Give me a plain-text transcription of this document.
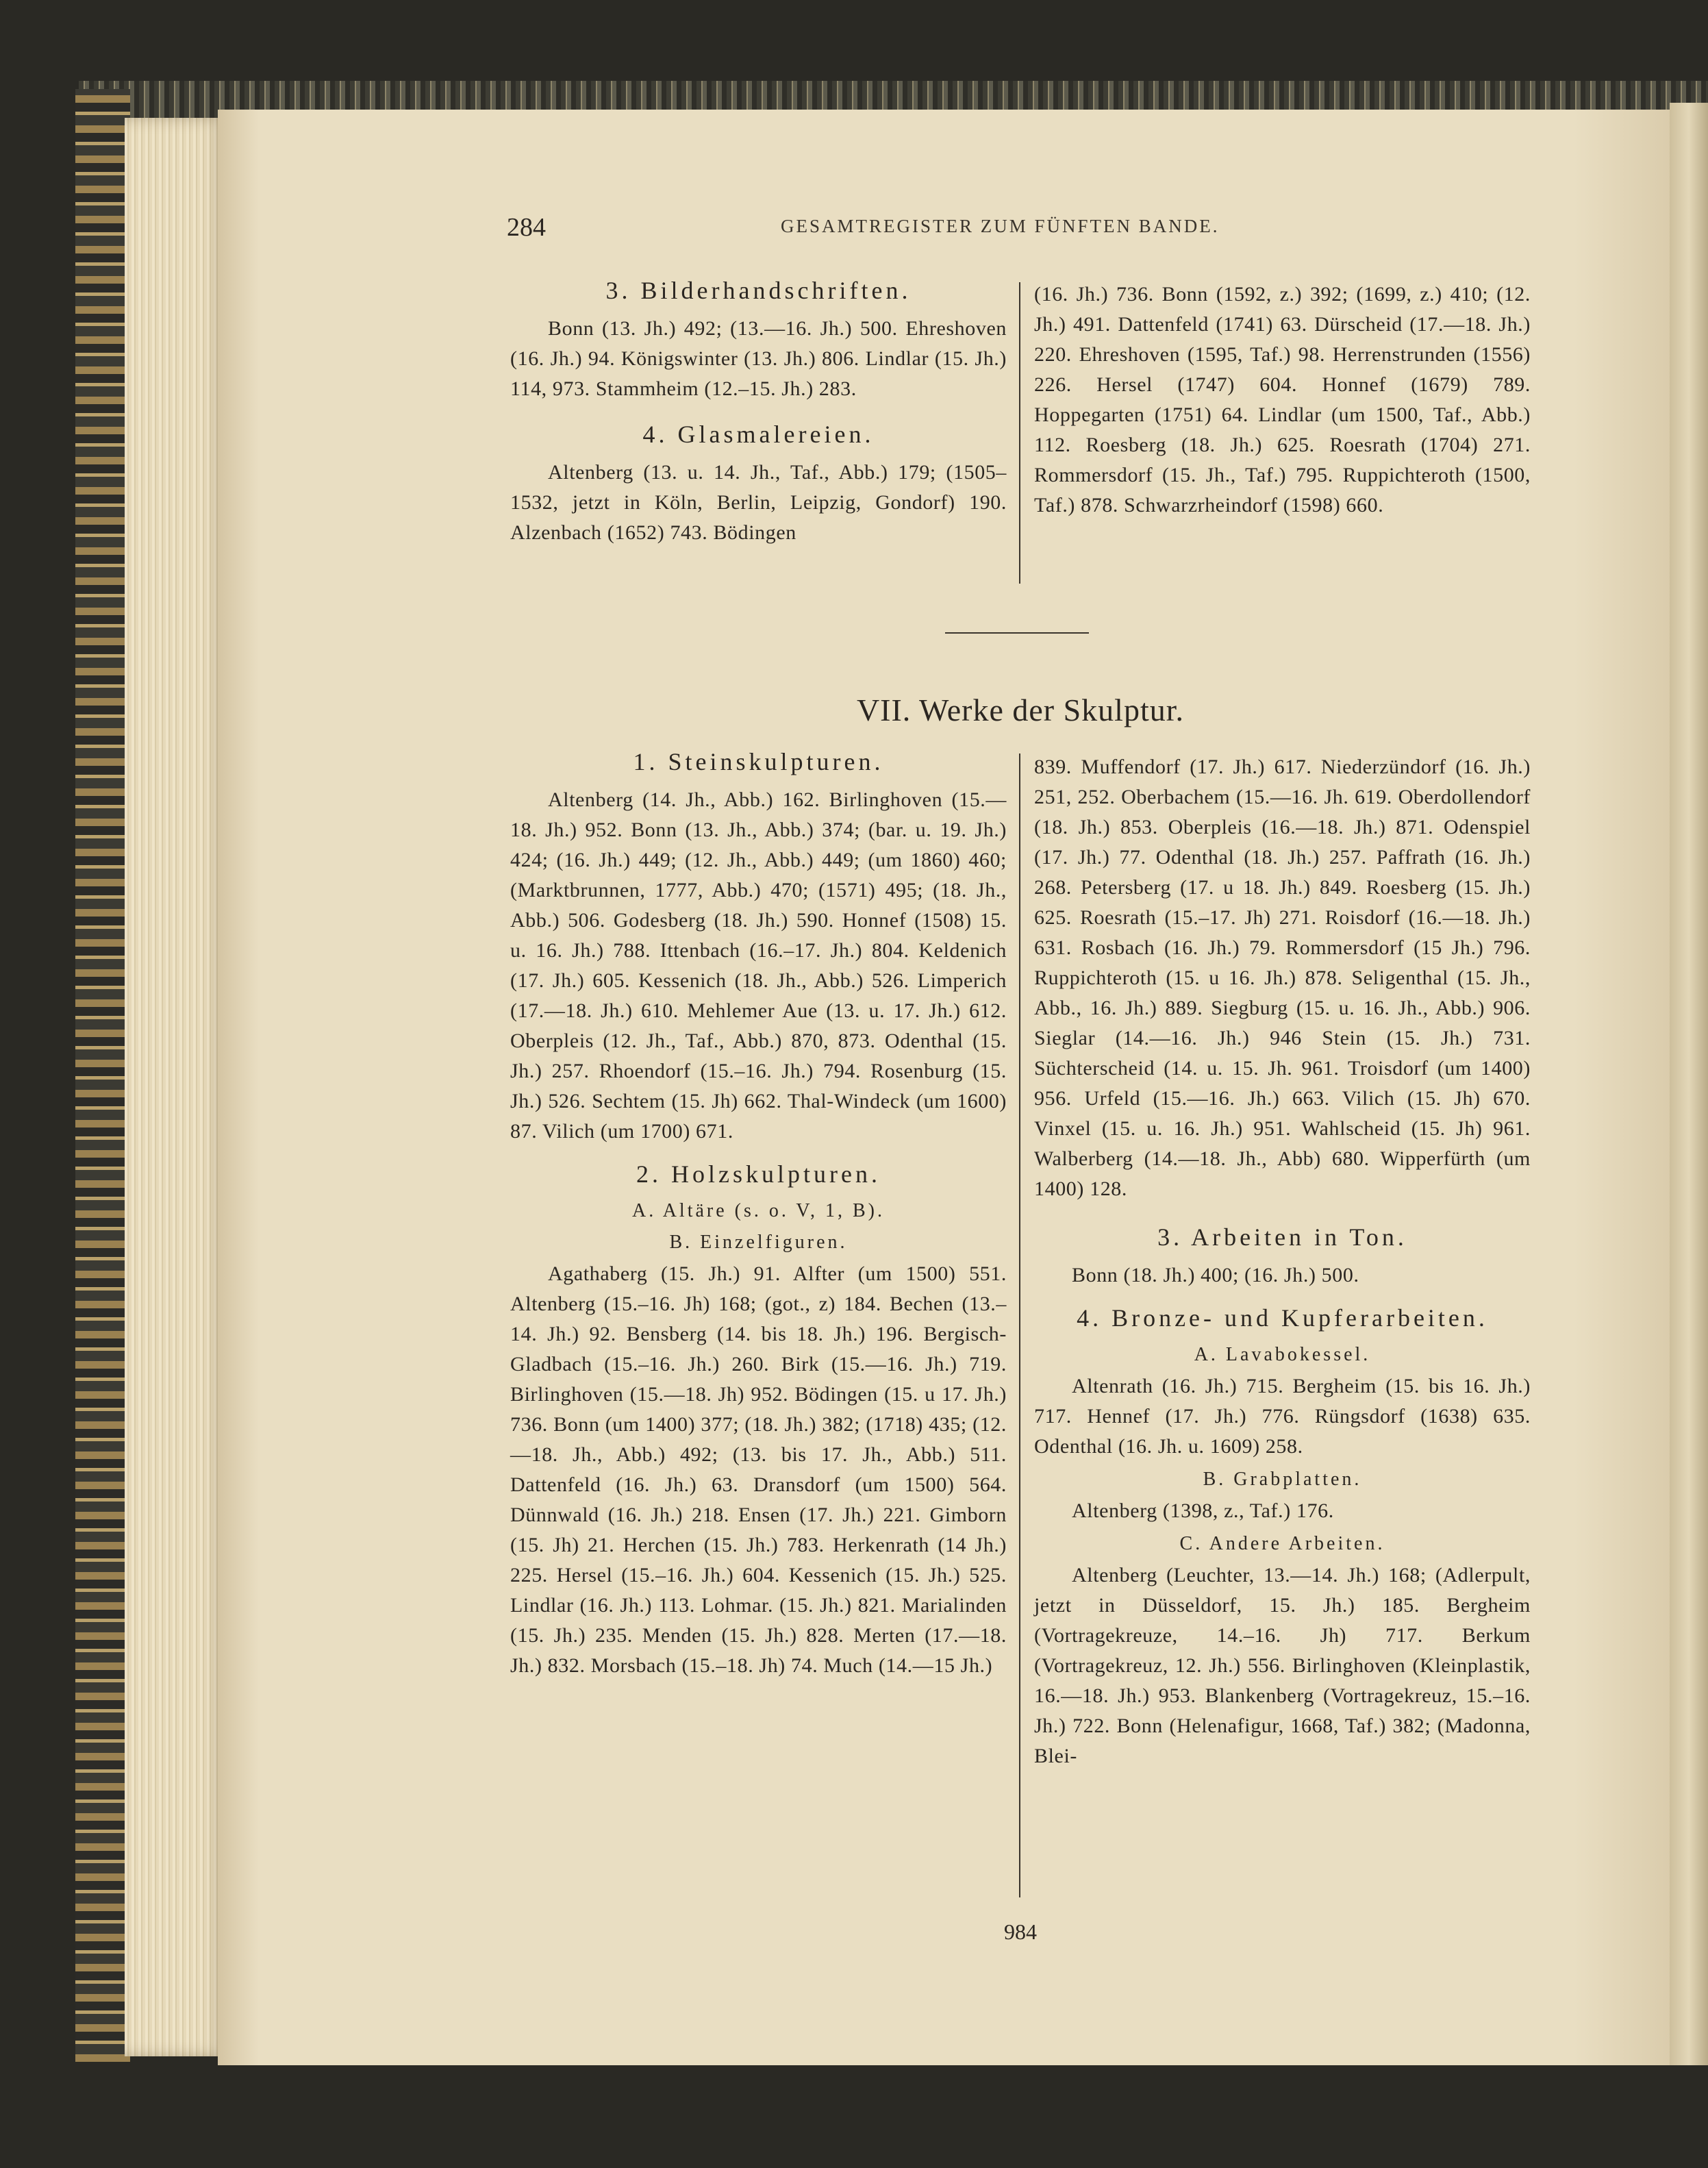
284	GESAMTREGISTER ZUM FÜNFTEN BANDE.
3. Bilderhandschriften.

Bonn (13. Jh.) 492; (13.—16. Jh.) 500. Ehreshoven (16. Jh.) 94. Königswinter (13. Jh.) 806. Lindlar (15. Jh.) 114, 973. Stammheim (12.–15. Jh.) 283.

4. Glasmalereien.

Altenberg (13. u. 14. Jh., Taf., Abb.) 179; (1505–1532, jetzt in Köln, Berlin, Leipzig, Gondorf) 190. Alzenbach (1652) 743. Bödingen

(16. Jh.) 736. Bonn (1592, z.) 392; (1699, z.) 410; (12. Jh.) 491. Dattenfeld (1741) 63. Dürscheid (17.—18. Jh.) 220. Ehreshoven (1595, Taf.) 98. Herrenstrunden (1556) 226. Hersel (1747) 604. Honnef (1679) 789. Hoppegarten (1751) 64. Lindlar (um 1500, Taf., Abb.) 112. Roesberg (18. Jh.) 625. Roesrath (1704) 271. Rommersdorf (15. Jh., Taf.) 795. Ruppichteroth (1500, Taf.) 878. Schwarzrheindorf (1598) 660.

VII. Werke der Skulptur.
1. Steinskulpturen.

Altenberg (14. Jh., Abb.) 162. Birlinghoven (15.—18. Jh.) 952. Bonn (13. Jh., Abb.) 374; (bar. u. 19. Jh.) 424; (16. Jh.) 449; (12. Jh., Abb.) 449; (um 1860) 460; (Marktbrunnen, 1777, Abb.) 470; (1571) 495; (18. Jh., Abb.) 506. Godesberg (18. Jh.) 590. Honnef (1508) 15. u. 16. Jh.) 788. Ittenbach (16.–17. Jh.) 804. Keldenich (17. Jh.) 605. Kessenich (18. Jh., Abb.) 526. Limperich (17.—18. Jh.) 610. Mehlemer Aue (13. u. 17. Jh.) 612. Oberpleis (12. Jh., Taf., Abb.) 870, 873. Odenthal (15. Jh.) 257. Rhoendorf (15.–16. Jh.) 794. Rosenburg (15. Jh.) 526. Sechtem (15. Jh) 662. Thal-Windeck (um 1600) 87. Vilich (um 1700) 671.

2. Holzskulpturen.
A. Altäre (s. o. V, 1, B).
B. Einzelfiguren.

Agathaberg (15. Jh.) 91. Alfter (um 1500) 551. Altenberg (15.–16. Jh) 168; (got., z) 184. Bechen (13.–14. Jh.) 92. Bensberg (14. bis 18. Jh.) 196. Bergisch-Gladbach (15.–16. Jh.) 260. Birk (15.—16. Jh.) 719. Birlinghoven (15.—18. Jh) 952. Bödingen (15. u 17. Jh.) 736. Bonn (um 1400) 377; (18. Jh.) 382; (1718) 435; (12.—18. Jh., Abb.) 492; (13. bis 17. Jh., Abb.) 511. Dattenfeld (16. Jh.) 63. Dransdorf (um 1500) 564. Dünnwald (16. Jh.) 218. Ensen (17. Jh.) 221. Gimborn (15. Jh) 21. Herchen (15. Jh.) 783. Herkenrath (14 Jh.) 225. Hersel (15.–16. Jh.) 604. Kessenich (15. Jh.) 525. Lindlar (16. Jh.) 113. Lohmar. (15. Jh.) 821. Marialinden (15. Jh.) 235. Menden (15. Jh.) 828. Merten (17.—18. Jh.) 832. Morsbach (15.–18. Jh) 74. Much (14.—15 Jh.)

839. Muffendorf (17. Jh.) 617. Niederzündorf (16. Jh.) 251, 252. Oberbachem (15.—16. Jh. 619. Oberdollendorf (18. Jh.) 853. Oberpleis (16.—18. Jh.) 871. Odenspiel (17. Jh.) 77. Odenthal (18. Jh.) 257. Paffrath (16. Jh.) 268. Petersberg (17. u 18. Jh.) 849. Roesberg (15. Jh.) 625. Roesrath (15.–17. Jh) 271. Roisdorf (16.—18. Jh.) 631. Rosbach (16. Jh.) 79. Rommersdorf (15 Jh.) 796. Ruppichteroth (15. u 16. Jh.) 878. Seligenthal (15. Jh., Abb., 16. Jh.) 889. Siegburg (15. u. 16. Jh., Abb.) 906. Sieglar (14.—16. Jh.) 946 Stein (15. Jh.) 731. Süchterscheid (14. u. 15. Jh. 961. Troisdorf (um 1400) 956. Urfeld (15.—16. Jh.) 663. Vilich (15. Jh) 670. Vinxel (15. u. 16. Jh.) 951. Wahlscheid (15. Jh) 961. Walberberg (14.—18. Jh., Abb) 680. Wipperfürth (um 1400) 128.

3. Arbeiten in Ton.

Bonn (18. Jh.) 400; (16. Jh.) 500.

4. Bronze- und Kupferarbeiten.
A. Lavabokessel.

Altenrath (16. Jh.) 715. Bergheim (15. bis 16. Jh.) 717. Hennef (17. Jh.) 776. Rüngsdorf (1638) 635. Odenthal (16. Jh. u. 1609) 258.

B. Grabplatten.

Altenberg (1398, z., Taf.) 176.

C. Andere Arbeiten.

Altenberg (Leuchter, 13.—14. Jh.) 168; (Adlerpult, jetzt in Düsseldorf, 15. Jh.) 185. Bergheim (Vortragekreuze, 14.–16. Jh) 717. Berkum (Vortragekreuz, 12. Jh.) 556. Birlinghoven (Kleinplastik, 16.—18. Jh.) 953. Blankenberg (Vortragekreuz, 15.–16. Jh.) 722. Bonn (Helenafigur, 1668, Taf.) 382; (Madonna, Blei-

984
